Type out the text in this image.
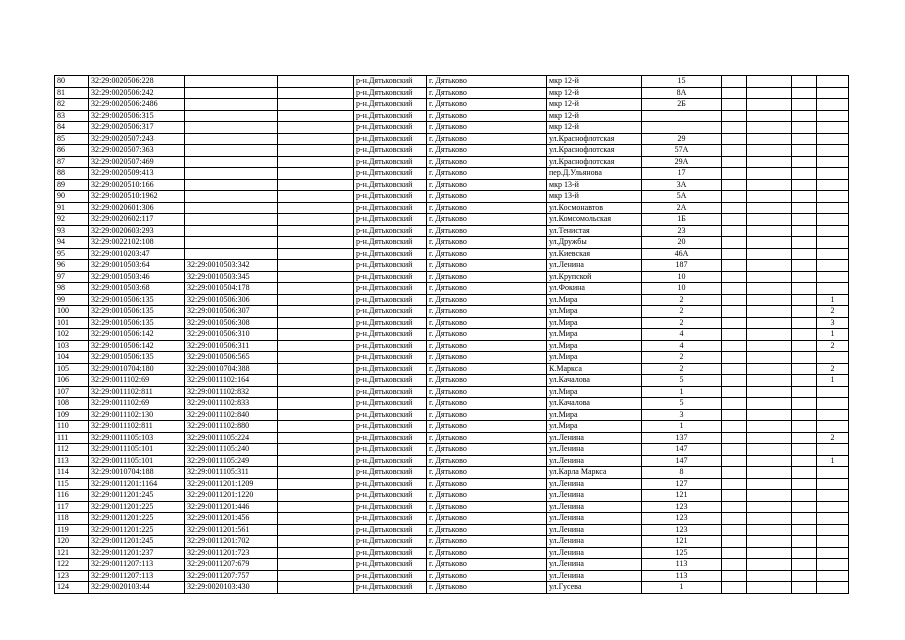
80	32:29:0020506:228			р-н.Дятьковский	г. Дятьково	мкр 12-й	15				
81	32:29:0020506:242			р-н.Дятьковский	г. Дятьково	мкр 12-й	8А				
82	32:29:0020506:2486			р-н.Дятьковский	г. Дятьково	мкр 12-й	2Б				
83	32:29:0020506:315			р-н.Дятьковский	г. Дятьково	мкр 12-й					
84	32:29:0020506:317			р-н.Дятьковский	г. Дятьково	мкр 12-й					
85	32:29:0020507:243			р-н.Дятьковский	г. Дятьково	ул.Краснофлотская	29				
86	32:29:0020507:363			р-н.Дятьковский	г. Дятьково	ул.Краснофлотская	57А				
87	32:29:0020507:469			р-н.Дятьковский	г. Дятьково	ул.Краснофлотская	29А				
88	32:29:0020509:413			р-н.Дятьковский	г. Дятьково	пер.Д.Ульянова	17				
89	32:29:0020510:166			р-н.Дятьковский	г. Дятьково	мкр 13-й	3А				
90	32:29:0020510:1962			р-н.Дятьковский	г. Дятьково	мкр 13-й	5А				
91	32:29:0020601:306			р-н.Дятьковский	г. Дятьково	ул.Космонавтов	2А				
92	32:29:0020602:117			р-н.Дятьковский	г. Дятьково	ул.Комсомольская	1Б				
93	32:29:0020603:293			р-н.Дятьковский	г. Дятьково	ул.Тенистая	23				
94	32:29:0022102:108			р-н.Дятьковский	г. Дятьково	ул.Дружбы	20				
95	32:29:0010203:47			р-н.Дятьковский	г. Дятьково	ул.Киевская	46А				
96	32:29:0010503:64	32:29:0010503:342		р-н.Дятьковский	г. Дятьково	ул.Ленина	187				
97	32:29:0010503:46	32:29:0010503:345		р-н.Дятьковский	г. Дятьково	ул.Крупской	10				
98	32:29:0010503:68	32:29:0010504:178		р-н.Дятьковский	г. Дятьково	ул.Фокина	10				
99	32:29:0010506:135	32:29:0010506:306		р-н.Дятьковский	г. Дятьково	ул.Мира	2				1
100	32:29:0010506:135	32:29:0010506:307		р-н.Дятьковский	г. Дятьково	ул.Мира	2				2
101	32:29:0010506:135	32:29:0010506:308		р-н.Дятьковский	г. Дятьково	ул.Мира	2				3
102	32:29:0010506:142	32:29:0010506:310		р-н.Дятьковский	г. Дятьково	ул.Мира	4				1
103	32:29:0010506:142	32:29:0010506:311		р-н.Дятьковский	г. Дятьково	ул.Мира	4				2
104	32:29:0010506:135	32:29:0010506:565		р-н.Дятьковский	г. Дятьково	ул.Мира	2				
105	32:29:0010704:180	32:29:0010704:388		р-н.Дятьковский	г. Дятьково	К.Маркса	2				2
106	32:29:0011102:69	32:29:0011102:164		р-н.Дятьковский	г. Дятьково	ул.Качалова	5				1
107	32:29:0011102:811	32:29:0011102:832		р-н.Дятьковский	г. Дятьково	ул.Мира	1				
108	32:29:0011102:69	32:29:0011102:833		р-н.Дятьковский	г. Дятьково	ул.Качалова	5				
109	32:29:0011102:130	32:29:0011102:840		р-н.Дятьковский	г. Дятьково	ул.Мира	3				
110	32:29:0011102:811	32:29:0011102:880		р-н.Дятьковский	г. Дятьково	ул.Мира	1				
111	32:29:0011105:103	32:29:0011105:224		р-н.Дятьковский	г. Дятьково	ул.Ленина	137				2
112	32:29:0011105:101	32:29:0011105:240		р-н.Дятьковский	г. Дятьково	ул.Ленина	147				
113	32:29:0011105:101	32:29:0011105:249		р-н.Дятьковский	г. Дятьково	ул.Ленина	147				1
114	32:29:0010704:188	32:29:0011105:311		р-н.Дятьковский	г. Дятьково	ул.Карла Маркса	8				
115	32:29:0011201:1164	32:29:0011201:1209		р-н.Дятьковский	г. Дятьково	ул.Ленина	127				
116	32:29:0011201:245	32:29:0011201:1220		р-н.Дятьковский	г. Дятьково	ул.Ленина	121				
117	32:29:0011201:225	32:29:0011201:446		р-н.Дятьковский	г. Дятьково	ул.Ленина	123				
118	32:29:0011201:225	32:29:0011201:456		р-н.Дятьковский	г. Дятьково	ул.Ленина	123				
119	32:29:0011201:225	32:29:0011201:561		р-н.Дятьковский	г. Дятьково	ул.Ленина	123				
120	32:29:0011201:245	32:29:0011201:702		р-н.Дятьковский	г. Дятьково	ул.Ленина	121				
121	32:29:0011201:237	32:29:0011201:723		р-н.Дятьковский	г. Дятьково	ул.Ленина	125				
122	32:29:0011207:113	32:29:0011207:679		р-н.Дятьковский	г. Дятьково	ул.Ленина	113				
123	32:29:0011207:113	32:29:0011207:757		р-н.Дятьковский	г. Дятьково	ул.Ленина	113				
124	32:29:0020103:44	32:29:0020103:430		р-н.Дятьковский	г. Дятьково	ул.Гусева	1				
